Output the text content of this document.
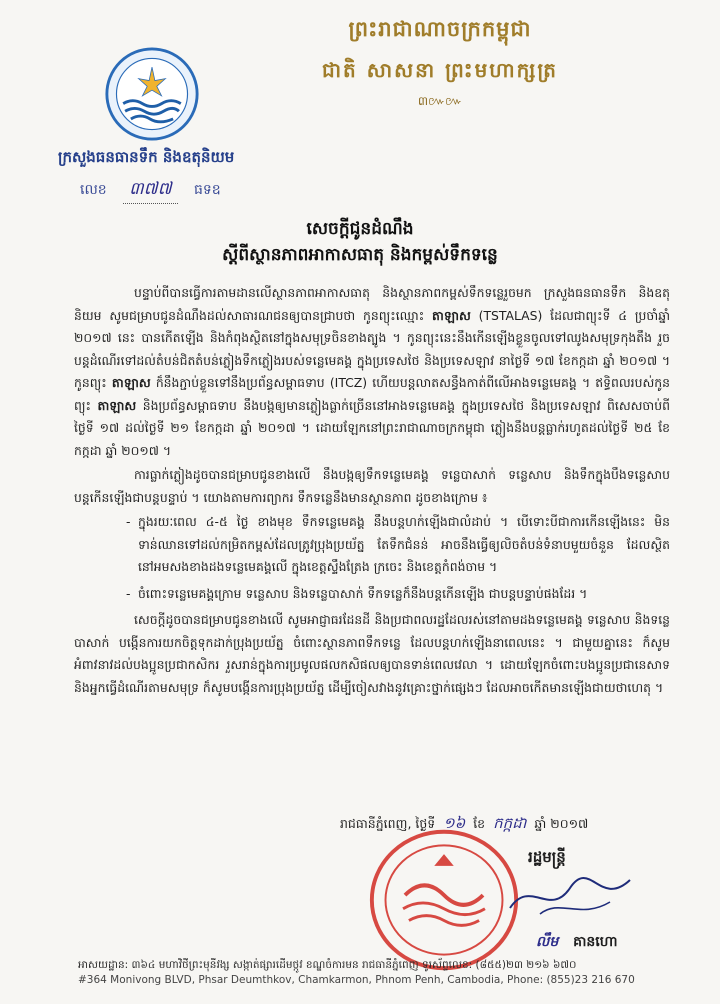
ព្រះរាជាណាចក្រកម្ពុជា
ជាតិ សាសនា ព្រះមហាក្សត្រ
៣៚៚
ក្រសួងធនធានទឹក និងឧតុនិយម
លេខ ៣៧៧ ធទឧ
សេចក្ដីជូនដំណឹង
ស្ដីពីស្ថានភាពអាកាសធាតុ និងកម្ពស់ទឹកទន្លេ

បន្ទាប់ពីបានធ្វើការតាមដានលើស្ថានភាពអាកាសធាតុ និងស្ថានភាពកម្ពស់ទឹកទន្លេរួចមក ក្រសួងធនធានទឹក និងឧតុនិយម សូមជម្រាបជូនដំណឹងដល់សាធារណជនឲ្យបានជ្រាបថា កូនព្យុះឈ្មោះ តាឡាស (TSTALAS) ដែលជាព្យុះទី ៤ ប្រចាំឆ្នាំ ២០១៧ នេះ បានកើតឡើង និងកំពុងស្ថិតនៅក្នុងសមុទ្រចិនខាងត្បូង ។ កូនព្យុះនេះនឹងកើនឡើងខ្លួនចូលទៅឈូងសមុទ្រកុងតឹង រួចបន្តដំណើរទៅដល់តំបន់ជិតតំបន់ភ្លៀងទឹកភ្លៀងរបស់ទន្លេមេគង្គ ក្នុងប្រទេសថៃ និងប្រទេសឡាវ នាថ្ងៃទី ១៧ ខែកក្កដា ឆ្នាំ ២០១៧ ។ កូនព្យុះ តាឡាស ក៏នឹងភ្ជាប់ខ្លួនទៅនឹងប្រព័ន្ធសម្ពាធទាប (ITCZ) ហើយបន្តលាតសន្ធឹងកាត់ពីលើអាងទន្លេមេគង្គ ។ ឥទ្ធិពលរបស់កូនព្យុះ តាឡាស និងប្រព័ន្ធសម្ពាធទាប នឹងបង្កឲ្យមានភ្លៀងធ្លាក់ច្រើននៅអាងទន្លេមេគង្គ ក្នុងប្រទេសថៃ និងប្រទេសឡាវ ពិសេសចាប់ពីថ្ងៃទី ១៧ ដល់ថ្ងៃទី ២១ ខែកក្កដា ឆ្នាំ ២០១៧ ។ ដោយឡែកនៅព្រះរាជាណាចក្រកម្ពុជា ភ្លៀងនឹងបន្តធ្លាក់រហូតដល់ថ្ងៃទី ២៥ ខែកក្កដា ឆ្នាំ ២០១៧ ។

ការធ្លាក់ភ្លៀងដូចបានជម្រាបជូនខាងលើ នឹងបង្កឲ្យទឹកទន្លេមេគង្គ ទន្លេបាសាក់ ទន្លេសាប និងទឹកក្នុងបឹងទន្លេសាប បន្តកើនឡើងជាបន្តបន្ទាប់ ។ យោងតាមការព្យាករ ទឹកទន្លេនឹងមានស្ថានភាព ដូចខាងក្រោម ៖

- ក្នុងរយៈពេល ៤-៥ ថ្ងៃ ខាងមុខ ទឹកទន្លេមេគង្គ នឹងបន្តហក់ឡើងជាលំដាប់ ។ បើទោះបីជាការកើនឡើងនេះ មិនទាន់ឈានទៅដល់កម្រិតកម្ពស់ដែលត្រូវប្រុងប្រយ័ត្ន តែទឹកជំនន់ អាចនឹងធ្វើឲ្យលិចតំបន់ទំនាបមួយចំនួន ដែលស្ថិតនៅអមសងខាងដងទន្លេមេគង្គលើ ក្នុងខេត្តស្ទឹងត្រែង ក្រចេះ និងខេត្តកំពង់ចាម ។
- ចំពោះទន្លេមេគង្គក្រោម ទន្លេសាប និងទន្លេបាសាក់ ទឹកទន្លេក៏នឹងបន្តកើនឡើង ជាបន្តបន្ទាប់ផងដែរ ។

សេចក្ដីដូចបានជម្រាបជូនខាងលើ សូមអាជ្ញាធរដែនដី និងប្រជាពលរដ្ឋដែលរស់នៅតាមដងទន្លេមេគង្គ ទន្លេសាប និងទន្លេបាសាក់ បង្កើនការយកចិត្តទុកដាក់ប្រុងប្រយ័ត្ន ចំពោះស្ថានភាពទឹកទន្លេ ដែលបន្តហក់ឡើងនាពេលនេះ ។ ជាមួយគ្នានេះ ក៏សូមអំពាវនាវដល់បងប្អូនប្រជាកសិករ រួសរាន់ក្នុងការប្រមូលផលកសិផលឲ្យបានទាន់ពេលវេលា ។ ដោយឡែកចំពោះបងប្អូនប្រជានេសាទ និងអ្នកធ្វើដំណើរតាមសមុទ្រ ក៏សូមបង្កើនការប្រុងប្រយ័ត្ន ដើម្បីចៀសវាងនូវគ្រោះថ្នាក់ផ្សេងៗ ដែលអាចកើតមានឡើងជាយថាហេតុ ។

រាជធានីភ្នំពេញ, ថ្ងៃទី ១៦ ខែ កក្កដា ឆ្នាំ ២០១៧
រដ្ឋមន្ត្រី
លឹម គានហោ
អាសយដ្ឋាន: ៣៦៤ មហាវិថីព្រះមុនីវង្ស សង្កាត់ផ្សារដើមថ្កូវ ខណ្ឌចំការមន រាជធានីភ្នំពេញ ទូរស័ព្ទលេខ: (៨៥៥)២៣ ២១៦ ៦៧០
#364 Monivong BLVD, Phsar Deumthkov, Chamkarmon, Phnom Penh, Cambodia, Phone: (855)23 216 670
